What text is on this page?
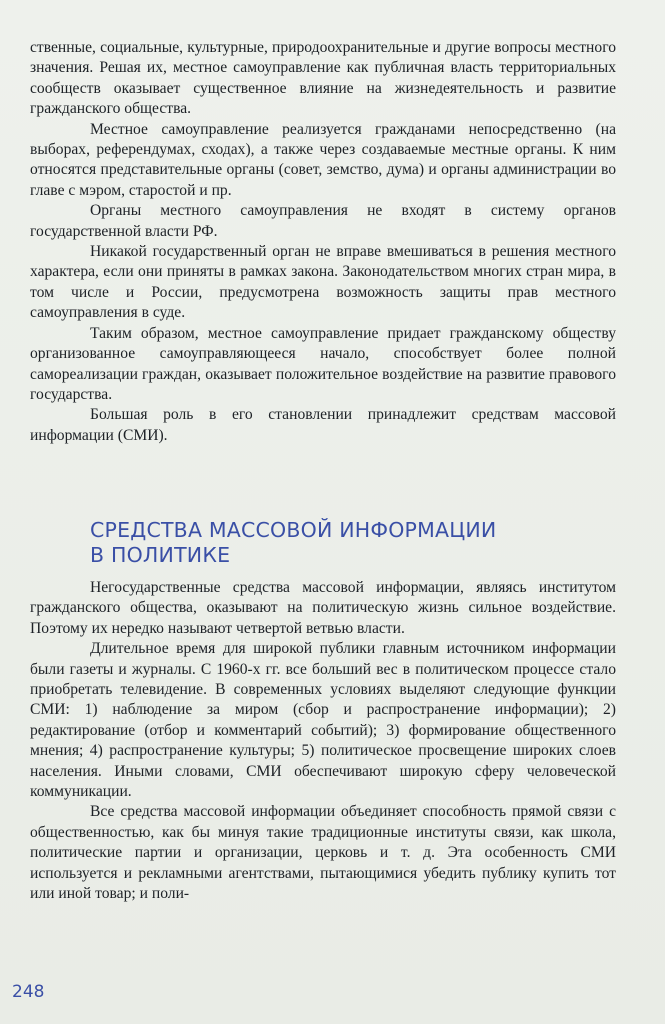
ственные, социальные, культурные, природоохранительные и другие вопросы местного значения. Решая их, местное самоуправление как публичная власть территориальных сообществ оказывает существенное влияние на жизнедеятельность и развитие гражданского общества.

Местное самоуправление реализуется гражданами непосредственно (на выборах, референдумах, сходах), а также через создаваемые местные органы. К ним относятся представительные органы (совет, земство, дума) и органы администрации во главе с мэром, старостой и пр.

Органы местного самоуправления не входят в систему органов государственной власти РФ.

Никакой государственный орган не вправе вмешиваться в решения местного характера, если они приняты в рамках закона. Законодательством многих стран мира, в том числе и России, предусмотрена возможность защиты прав местного самоуправления в суде.

Таким образом, местное самоуправление придает гражданскому обществу организованное самоуправляющееся начало, способствует более полной самореализации граждан, оказывает положительное воздействие на развитие правового государства.

Большая роль в его становлении принадлежит средствам массовой информации (СМИ).

СРЕДСТВА МАССОВОЙ ИНФОРМАЦИИ
В ПОЛИТИКЕ

Негосударственные средства массовой информации, являясь институтом гражданского общества, оказывают на политическую жизнь сильное воздействие. Поэтому их нередко называют четвертой ветвью власти.

Длительное время для широкой публики главным источником информации были газеты и журналы. С 1960-х гг. все больший вес в политическом процессе стало приобретать телевидение. В современных условиях выделяют следующие функции СМИ: 1) наблюдение за миром (сбор и распространение информации); 2) редактирование (отбор и комментарий событий); 3) формирование общественного мнения; 4) распространение культуры; 5) политическое просвещение широких слоев населения. Иными словами, СМИ обеспечивают широкую сферу человеческой коммуникации.

Все средства массовой информации объединяет способность прямой связи с общественностью, как бы минуя такие традиционные институты связи, как школа, политические партии и организации, церковь и т. д. Эта особенность СМИ используется и рекламными агентствами, пытающимися убедить публику купить тот или иной товар; и поли-

248
